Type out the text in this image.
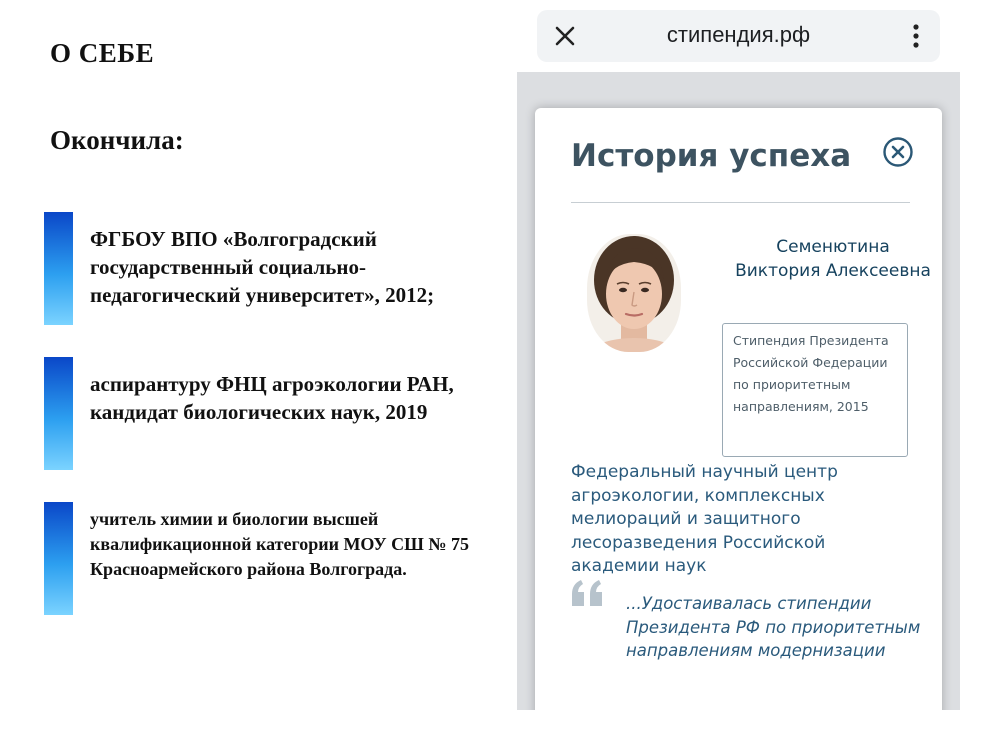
О СЕБЕ
Окончила:
ФГБОУ ВПО «Волгоградский государственный социально-педагогический университет», 2012;
аспирантуру ФНЦ агроэкологии РАН, кандидат биологических наук, 2019
учитель химии и биологии высшей квалификационной категории МОУ СШ № 75 Красноармейского района Волгограда.
стипендия.рф
История успеха
Семенютина Виктория Алексеевна
Стипендия Президента Российской Федерации по приоритетным направлениям, 2015
Федеральный научный центр агроэкологии, комплексных мелиораций и защитного лесоразведения Российской академии наук
...Удостаивалась стипендии Президента РФ по приоритетным направлениям модернизации
